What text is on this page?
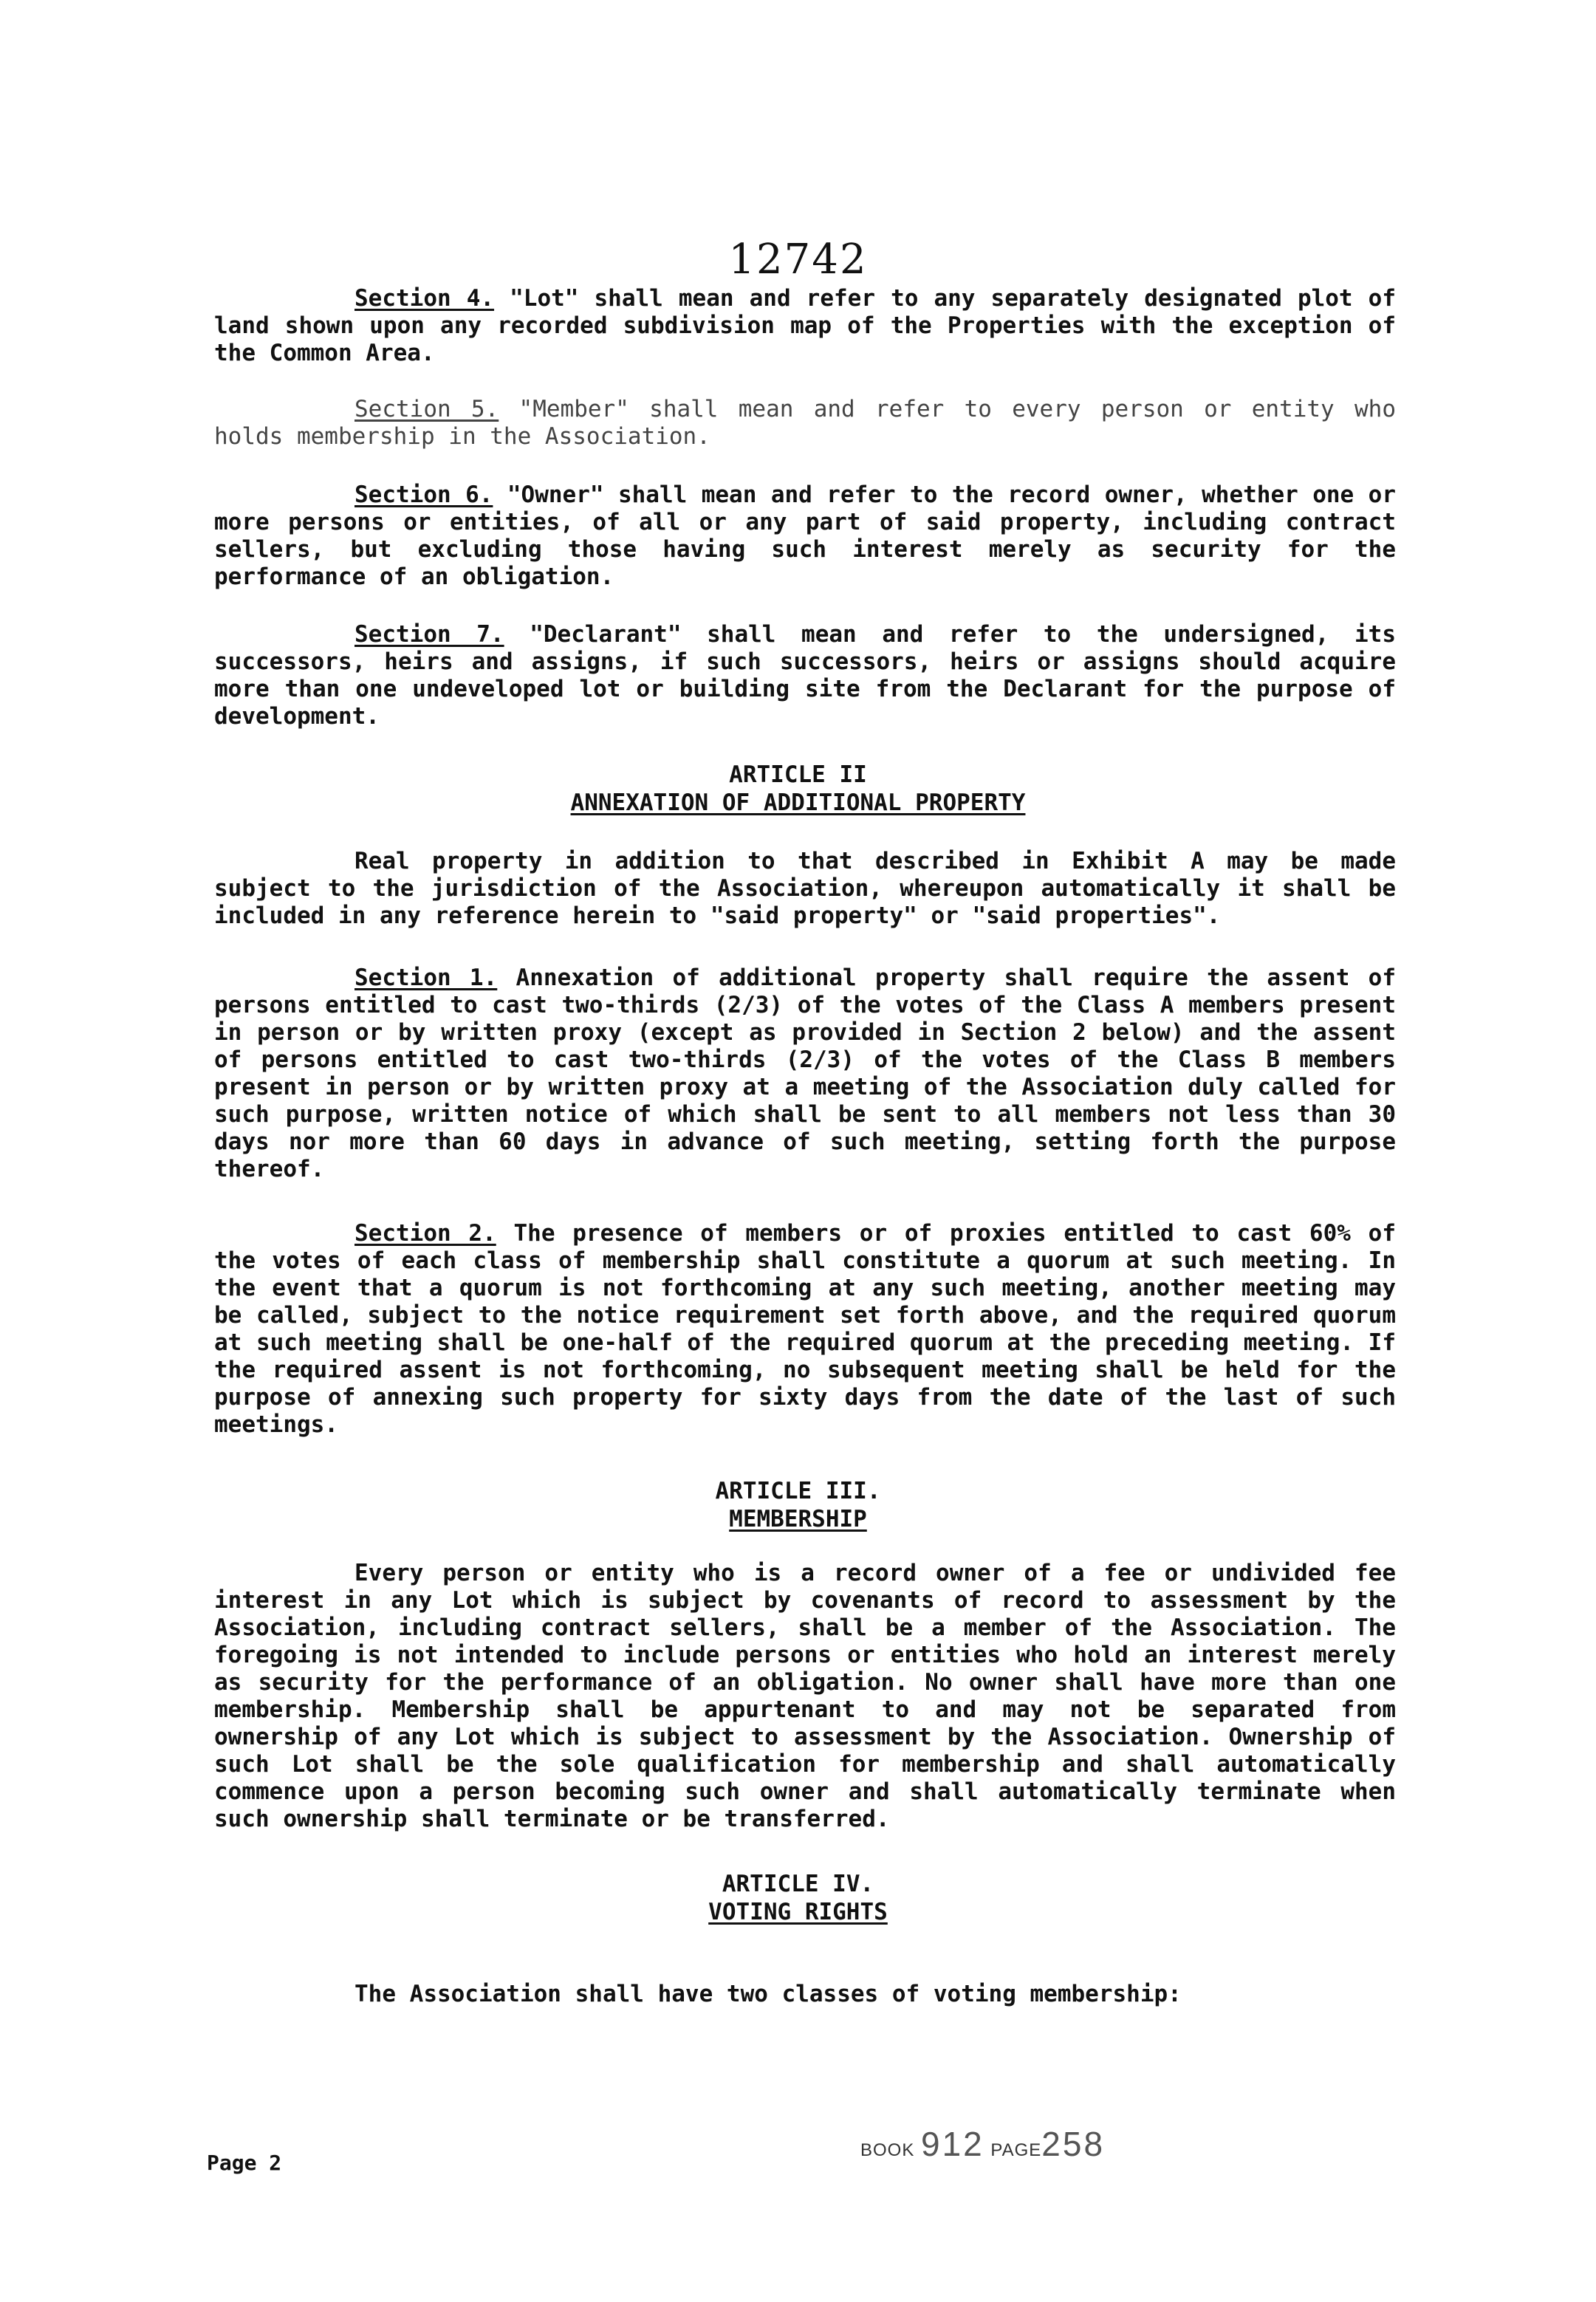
12742

Section 4. "Lot" shall mean and refer to any separately designated plot of land shown upon any recorded subdivision map of the Properties with the exception of the Common Area.

Section 5. "Member" shall mean and refer to every person or entity who holds membership in the Association.

Section 6. "Owner" shall mean and refer to the record owner, whether one or more persons or entities, of all or any part of said property, including contract sellers, but excluding those having such interest merely as security for the performance of an obligation.

Section 7. "Declarant" shall mean and refer to the undersigned, its successors, heirs and assigns, if such successors, heirs or assigns should acquire more than one undeveloped lot or building site from the Declarant for the purpose of development.

ARTICLE II
ANNEXATION OF ADDITIONAL PROPERTY

Real property in addition to that described in Exhibit A may be made subject to the jurisdiction of the Association, whereupon automatically it shall be included in any reference herein to "said property" or "said properties".

Section 1. Annexation of additional property shall require the assent of persons entitled to cast two-thirds (2/3) of the votes of the Class A members present in person or by written proxy (except as provided in Section 2 below) and the assent of persons entitled to cast two-thirds (2/3) of the votes of the Class B members present in person or by written proxy at a meeting of the Association duly called for such purpose, written notice of which shall be sent to all members not less than 30 days nor more than 60 days in advance of such meeting, setting forth the purpose thereof.

Section 2. The presence of members or of proxies entitled to cast 60% of the votes of each class of membership shall constitute a quorum at such meeting. In the event that a quorum is not forthcoming at any such meeting, another meeting may be called, subject to the notice requirement set forth above, and the required quorum at such meeting shall be one-half of the required quorum at the preceding meeting. If the required assent is not forthcoming, no subsequent meeting shall be held for the purpose of annexing such property for sixty days from the date of the last of such meetings.

ARTICLE III.
MEMBERSHIP

Every person or entity who is a record owner of a fee or undivided fee interest in any Lot which is subject by covenants of record to assessment by the Association, including contract sellers, shall be a member of the Association. The foregoing is not intended to include persons or entities who hold an interest merely as security for the performance of an obligation. No owner shall have more than one membership. Membership shall be appurtenant to and may not be separated from ownership of any Lot which is subject to assessment by the Association. Ownership of such Lot shall be the sole qualification for membership and shall automatically commence upon a person becoming such owner and shall automatically terminate when such ownership shall terminate or be transferred.

ARTICLE IV.
VOTING RIGHTS

The Association shall have two classes of voting membership:

Page 2
BOOK 912 PAGE258
